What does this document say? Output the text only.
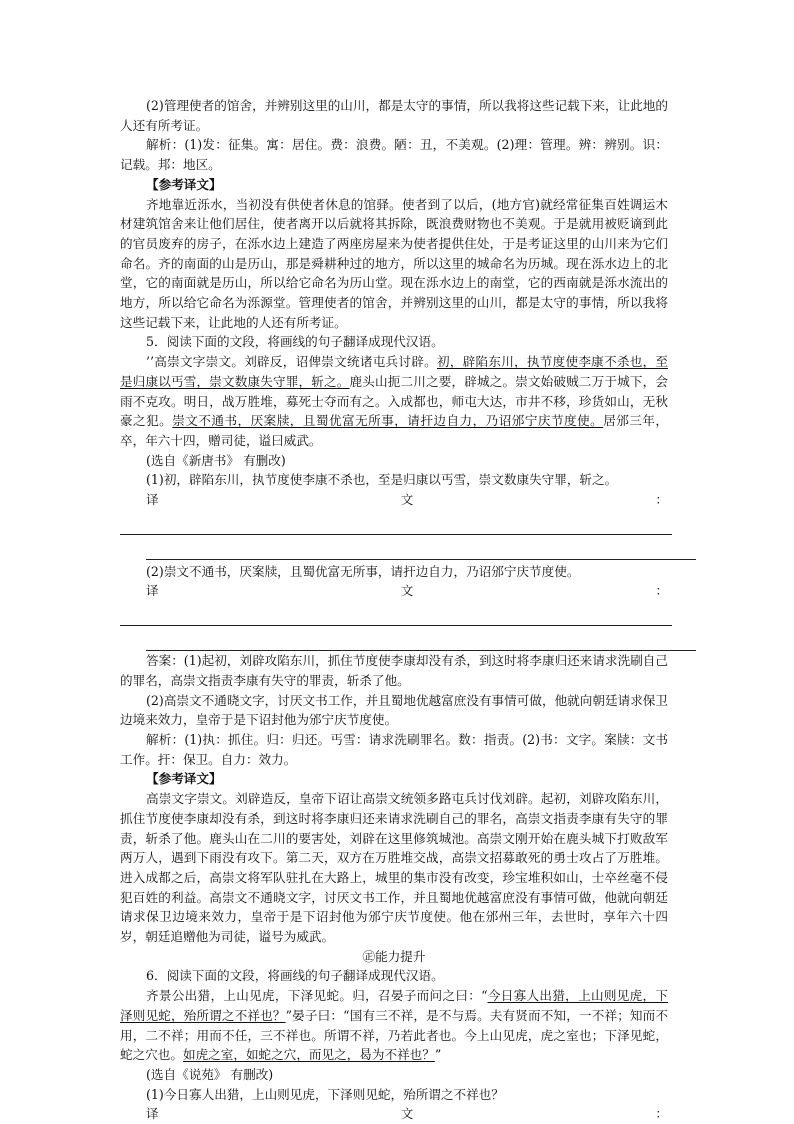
(2)管理使者的馆舍，并辨别这里的山川，都是太守的事情，所以我将这些记载下来，让此地的人还有所考证。

解析：(1)发：征集。寓：居住。费：浪费。陋：丑，不美观。(2)理：管理。辨：辨别。识：记载。邦：地区。

【参考译文】

齐地靠近泺水，当初没有供使者休息的馆驿。使者到了以后，(地方官)就经常征集百姓调运木材建筑馆舍来让他们居住，使者离开以后就将其拆除，既浪费财物也不美观。于是就用被贬谪到此的官员废弃的房子，在泺水边上建造了两座房屋来为使者提供住处，于是考证这里的山川来为它们命名。齐的南面的山是历山，那是舜耕种过的地方，所以这里的城命名为历城。现在泺水边上的北堂，它的南面就是历山，所以给它命名为历山堂。现在泺水边上的南堂，它的西南就是泺水流出的地方，所以给它命名为泺源堂。管理使者的馆舍，并辨别这里的山川，都是太守的事情，所以我将这些记载下来，让此地的人还有所考证。

5．阅读下面的文段，将画线的句子翻译成现代汉语。

’’高崇文字崇文。刘辟反，诏俾崇文统诸屯兵讨辟。初，辟陷东川，执节度使李康不杀也，至是归康以丐雪，崇文数康失守罪，斩之。鹿头山扼二川之要，辟城之。崇文始破贼二万于城下，会雨不克攻。明日，战万胜堆，募死士夺而有之。入成都也，师屯大达，市井不移，珍货如山，无秋豪之犯。崇文不通书，厌案牍，且蜀优富无所事，请扞边自力，乃诏邠宁庆节度使。居邠三年，卒，年六十四，赠司徒，谥曰威武。

(选自《新唐书》 有删改)

(1)初，辟陷东川，执节度使李康不杀也，至是归康以丐雪，崇文数康失守罪，斩之。

译	文	：

(2)崇文不通书，厌案牍，且蜀优富无所事，请扞边自力，乃诏邠宁庆节度使。

译	文	：

答案：(1)起初，刘辟攻陷东川，抓住节度使李康却没有杀，到这时将李康归还来请求洗刷自己的罪名，高崇文指责李康有失守的罪责，斩杀了他。

(2)高崇文不通晓文字，讨厌文书工作，并且蜀地优越富庶没有事情可做，他就向朝廷请求保卫边境来效力，皇帝于是下诏封他为邠宁庆节度使。

解析：(1)执：抓住。归：归还。丐雪：请求洗刷罪名。数：指责。(2)书：文字。案牍：文书工作。扞：保卫。自力：效力。

【参考译文】

高崇文字崇文。刘辟造反，皇帝下诏让高崇文统领多路屯兵讨伐刘辟。起初，刘辟攻陷东川，抓住节度使李康却没有杀，到这时将李康归还来请求洗刷自己的罪名，高崇文指责李康有失守的罪责，斩杀了他。鹿头山在二川的要害处，刘辟在这里修筑城池。高崇文刚开始在鹿头城下打败敌军两万人，遇到下雨没有攻下。第二天，双方在万胜堆交战，高崇文招募敢死的勇士攻占了万胜堆。进入成都之后，高崇文将军队驻扎在大路上，城里的集市没有改变，珍宝堆积如山，士卒丝毫不侵犯百姓的利益。高崇文不通晓文字，讨厌文书工作，并且蜀地优越富庶没有事情可做，他就向朝廷请求保卫边境来效力，皇帝于是下诏封他为邠宁庆节度使。他在邠州三年，去世时，享年六十四岁，朝廷追赠他为司徒，谥号为威武。

㊣能力提升

6．阅读下面的文段，将画线的句子翻译成现代汉语。

齐景公出猎，上山见虎，下泽见蛇。归，召晏子而问之曰：“今日寡人出猎，上山则见虎，下泽则见蛇，殆所谓之不祥也？”晏子曰：“国有三不祥，是不与焉。夫有贤而不知，一不祥；知而不用，二不祥；用而不任，三不祥也。所谓不祥，乃若此者也。今上山见虎，虎之室也；下泽见蛇，蛇之穴也。如虎之室，如蛇之穴，而见之，曷为不祥也？”

(选自《说苑》 有删改)

(1)今日寡人出猎，上山则见虎，下泽则见蛇，殆所谓之不祥也？

译	文	：
